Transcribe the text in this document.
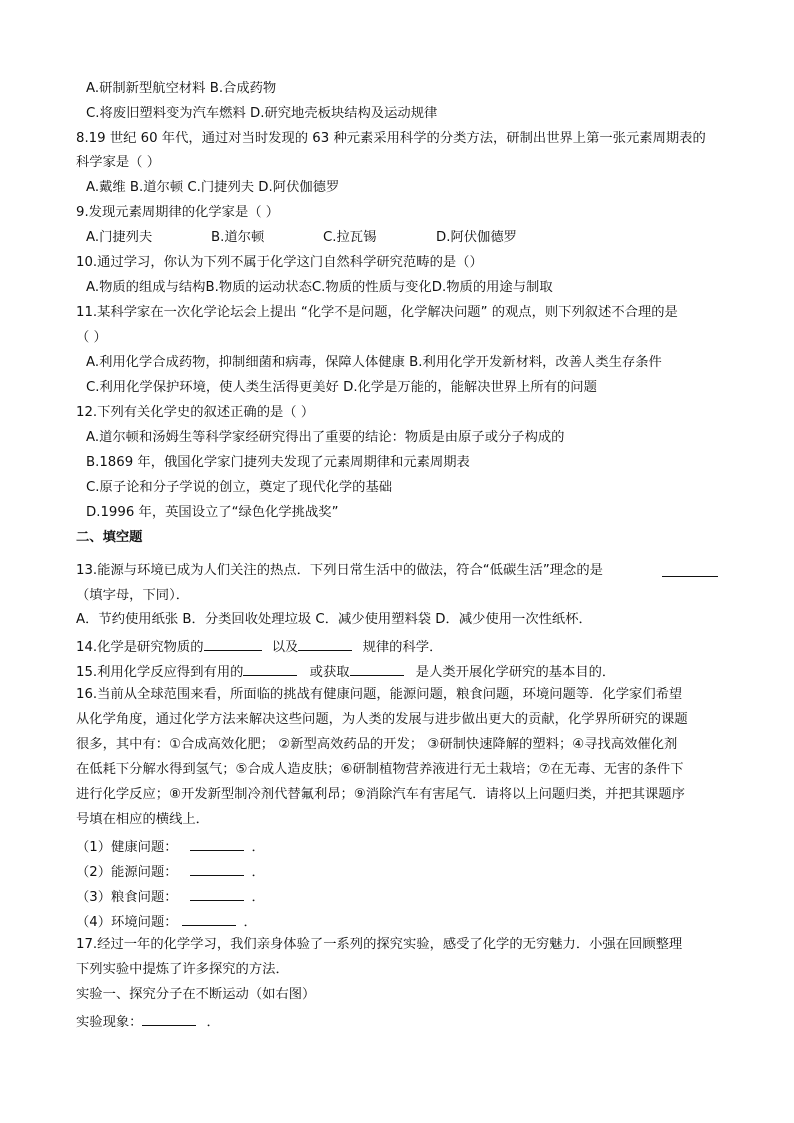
A.研制新型航空材料 B.合成药物
C.将废旧塑料变为汽车燃料 D.研究地壳板块结构及运动规律
8.19 世纪 60 年代，通过对当时发现的 63 种元素采用科学的分类方法，研制出世界上第一张元素周期表的
科学家是（ ）
A.戴维 B.道尔顿 C.门捷列夫 D.阿伏伽德罗
9.发现元素周期律的化学家是（ ）
A.门捷列夫	B.道尔顿	C.拉瓦锡	D.阿伏伽德罗
10.通过学习，你认为下列不属于化学这门自然科学研究范畴的是（）
A.物质的组成与结构B.物质的运动状态C.物质的性质与变化D.物质的用途与制取
11.某科学家在一次化学论坛会上提出 “化学不是问题，化学解决问题” 的观点，则下列叙述不合理的是
（ ）
A.利用化学合成药物，抑制细菌和病毒，保障人体健康 B.利用化学开发新材料，改善人类生存条件
C.利用化学保护环境，使人类生活得更美好 D.化学是万能的，能解决世界上所有的问题
12.下列有关化学史的叙述正确的是（ ）
A.道尔顿和汤姆生等科学家经研究得出了重要的结论：物质是由原子或分子构成的
B.1869 年，俄国化学家门捷列夫发现了元素周期律和元素周期表
C.原子论和分子学说的创立，奠定了现代化学的基础
D.1996 年，英国设立了“绿色化学挑战奖”
二、填空题
13.能源与环境已成为人们关注的热点．下列日常生活中的做法，符合“低碳生活”理念的是
（填字母，下同）．
A．节约使用纸张 B．分类回收处理垃圾 C．减少使用塑料袋 D．减少使用一次性纸杯．
14.化学是研究物质的	以及	规律的科学．
15.利用化学反应得到有用的	或获取	是人类开展化学研究的基本目的．
16.当前从全球范围来看，所面临的挑战有健康问题，能源问题，粮食问题，环境问题等．化学家们希望
从化学角度，通过化学方法来解决这些问题，为人类的发展与进步做出更大的贡献，化学界所研究的课题
很多，其中有：①合成高效化肥； ②新型高效药品的开发； ③研制快速降解的塑料；④寻找高效催化剂
在低耗下分解水得到氢气；⑤合成人造皮肤；⑥研制植物营养液进行无土栽培；⑦在无毒、无害的条件下
进行化学反应；⑧开发新型制冷剂代替氟利昂；⑨消除汽车有害尾气．请将以上问题归类，并把其课题序
号填在相应的横线上．
（1）健康问题：	．
（2）能源问题：	．
（3）粮食问题：	．
（4）环境问题：	．
17.经过一年的化学学习，我们亲身体验了一系列的探究实验，感受了化学的无穷魅力．小强在回顾整理
下列实验中提炼了许多探究的方法．
实验一、探究分子在不断运动（如右图）
实验现象：	．
